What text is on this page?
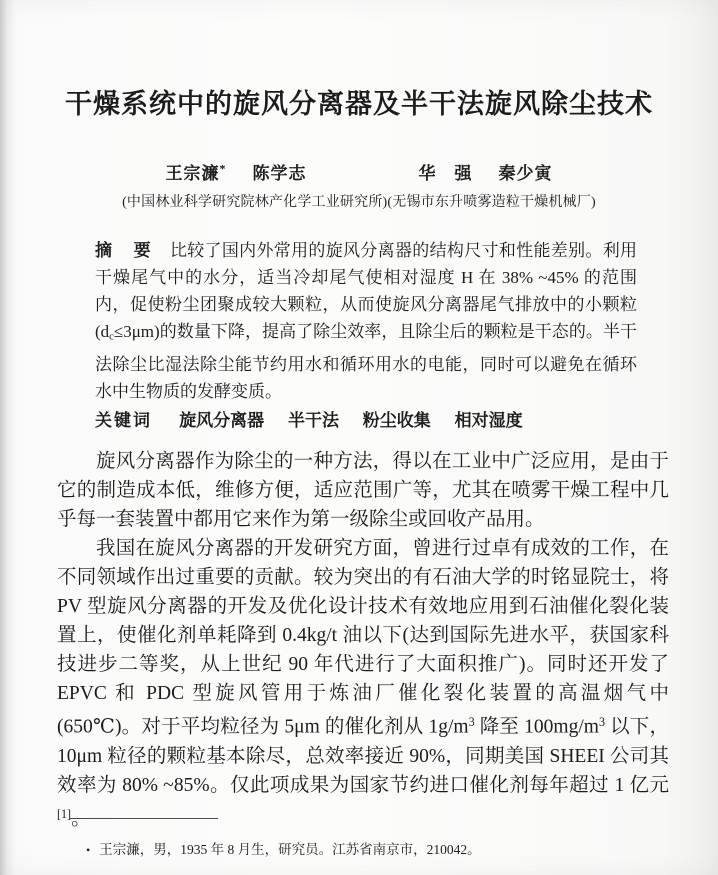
干燥系统中的旋风分离器及半干法旋风除尘技术
王宗濂* 陈学志	华　强 秦少寅
(中国林业科学研究院林产化学工业研究所)(无锡市东升喷雾造粒干燥机械厂)

摘　要 比较了国内外常用的旋风分离器的结构尺寸和性能差别。利用干燥尾气中的水分，适当冷却尾气使相对湿度 H 在 38% ~45% 的范围内，促使粉尘团聚成较大颗粒，从而使旋风分离器尾气排放中的小颗粒$(d_c\le 3\mu m)$的数量下降，提高了除尘效率，且除尘后的颗粒是干态的。半干法除尘比湿法除尘能节约用水和循环用水的电能，同时可以避免在循环水中生物质的发酵变质。

关键词 旋风分离器 半干法 粉尘收集 相对湿度

旋风分离器作为除尘的一种方法，得以在工业中广泛应用，是由于它的制造成本低，维修方便，适应范围广等，尤其在喷雾干燥工程中几乎每一套装置中都用它来作为第一级除尘或回收产品用。

我国在旋风分离器的开发研究方面，曾进行过卓有成效的工作，在不同领域作出过重要的贡献。较为突出的有石油大学的时铭显院士，将 PV 型旋风分离器的开发及优化设计技术有效地应用到石油催化裂化装置上，使催化剂单耗降到 0.4kg/t 油以下(达到国际先进水平，获国家科技进步二等奖，从上世纪 90 年代进行了大面积推广)。同时还开发了 EPVC 和 PDC 型旋风管用于炼油厂催化裂化装置的高温烟气中(650℃)。对于平均粒径为 5μm 的催化剂从 $1g/m^3$ 降至 $100mg/m^3$ 以下，10μm 粒径的颗粒基本除尽，总效率接近 90%，同期美国 SHEEI 公司其效率为 80% ~85%。仅此项成果为国家节约进口催化剂每年超过 1 亿元[1]。

• 王宗濂，男，1935 年 8 月生，研究员。江苏省南京市，210042。
